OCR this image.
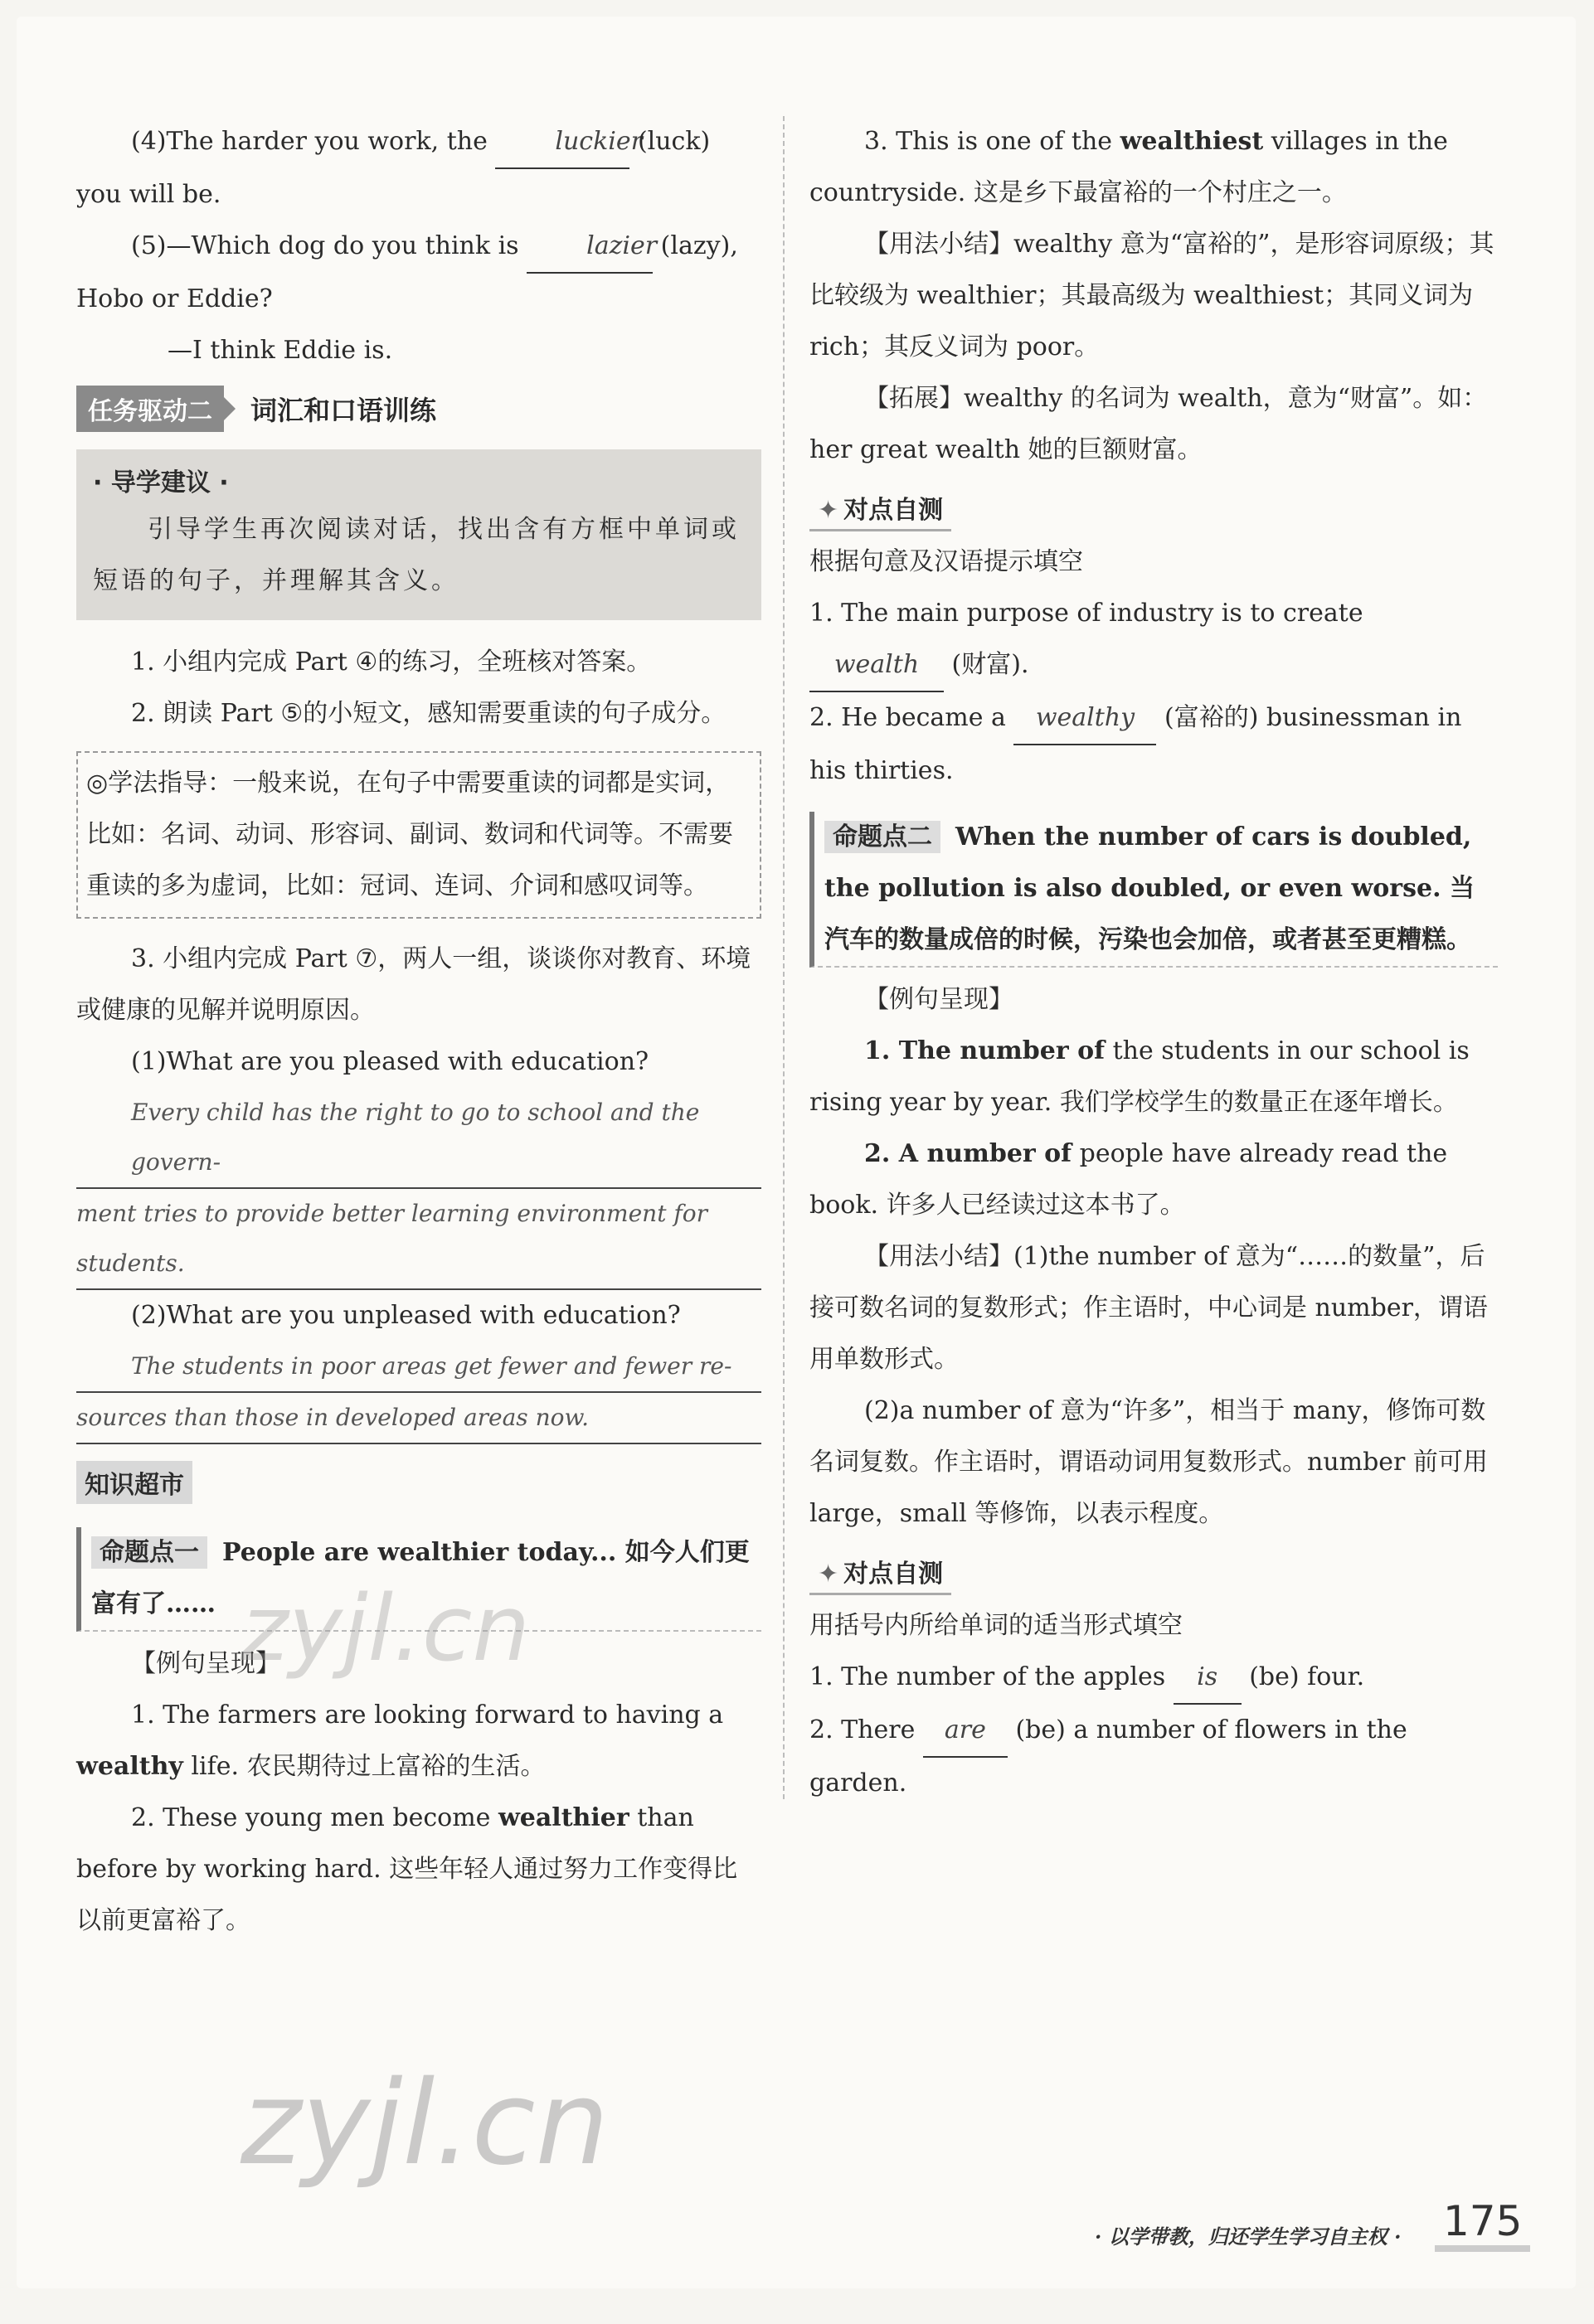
(4)The harder you work, the	luckier (luck) you will be.

(5)—Which dog do you think is	lazier (lazy), Hobo or Eddie?

—I think Eddie is.

任务驱动二	词汇和口语训练
· 导学建议 ·
引导学生再次阅读对话，找出含有方框中单词或短语的句子，并理解其含义。

1. 小组内完成 Part ④的练习，全班核对答案。

2. 朗读 Part ⑤的小短文，感知需要重读的句子成分。

◎学法指导：一般来说，在句子中需要重读的词都是实词，比如：名词、动词、形容词、副词、数词和代词等。不需要重读的多为虚词，比如：冠词、连词、介词和感叹词等。

3. 小组内完成 Part ⑦，两人一组，谈谈你对教育、环境或健康的见解并说明原因。

(1)What are you pleased with education?

Every child has the right to go to school and the govern-
ment tries to provide better learning environment for students.

(2)What are you unpleased with education?

The students in poor areas get fewer and fewer re-
sources than those in developed areas now.
知识超市
命题点一 People are wealthier today... 如今人们更富有了……

【例句呈现】

1. The farmers are looking forward to having a wealthy life. 农民期待过上富裕的生活。

2. These young men become wealthier than before by working hard. 这些年轻人通过努力工作变得比以前更富裕了。

3. This is one of the wealthiest villages in the countryside. 这是乡下最富裕的一个村庄之一。

【用法小结】wealthy 意为“富裕的”，是形容词原级；其比较级为 wealthier；其最高级为 wealthiest；其同义词为 rich；其反义词为 poor。

【拓展】wealthy 的名词为 wealth，意为“财富”。如：her great wealth 她的巨额财富。

✦ 对点自测

根据句意及汉语提示填空

1. The main purpose of industry is to create wealth (财富).

2. He became a wealthy (富裕的) businessman in his thirties.

命题点二 When the number of cars is doubled, the pollution is also doubled, or even worse. 当汽车的数量成倍的时候，污染也会加倍，或者甚至更糟糕。

【例句呈现】

1. The number of the students in our school is rising year by year. 我们学校学生的数量正在逐年增长。

2. A number of people have already read the book. 许多人已经读过这本书了。

【用法小结】(1)the number of 意为“……的数量”，后接可数名词的复数形式；作主语时，中心词是 number，谓语用单数形式。

(2)a number of 意为“许多”，相当于 many，修饰可数名词复数。作主语时，谓语动词用复数形式。number 前可用 large，small 等修饰，以表示程度。

✦ 对点自测

用括号内所给单词的适当形式填空

1. The number of the apples is (be) four.

2. There are (be) a number of flowers in the garden.

zyjl.cn
zyjl.cn
· 以学带教，归还学生学习自主权 · 175
